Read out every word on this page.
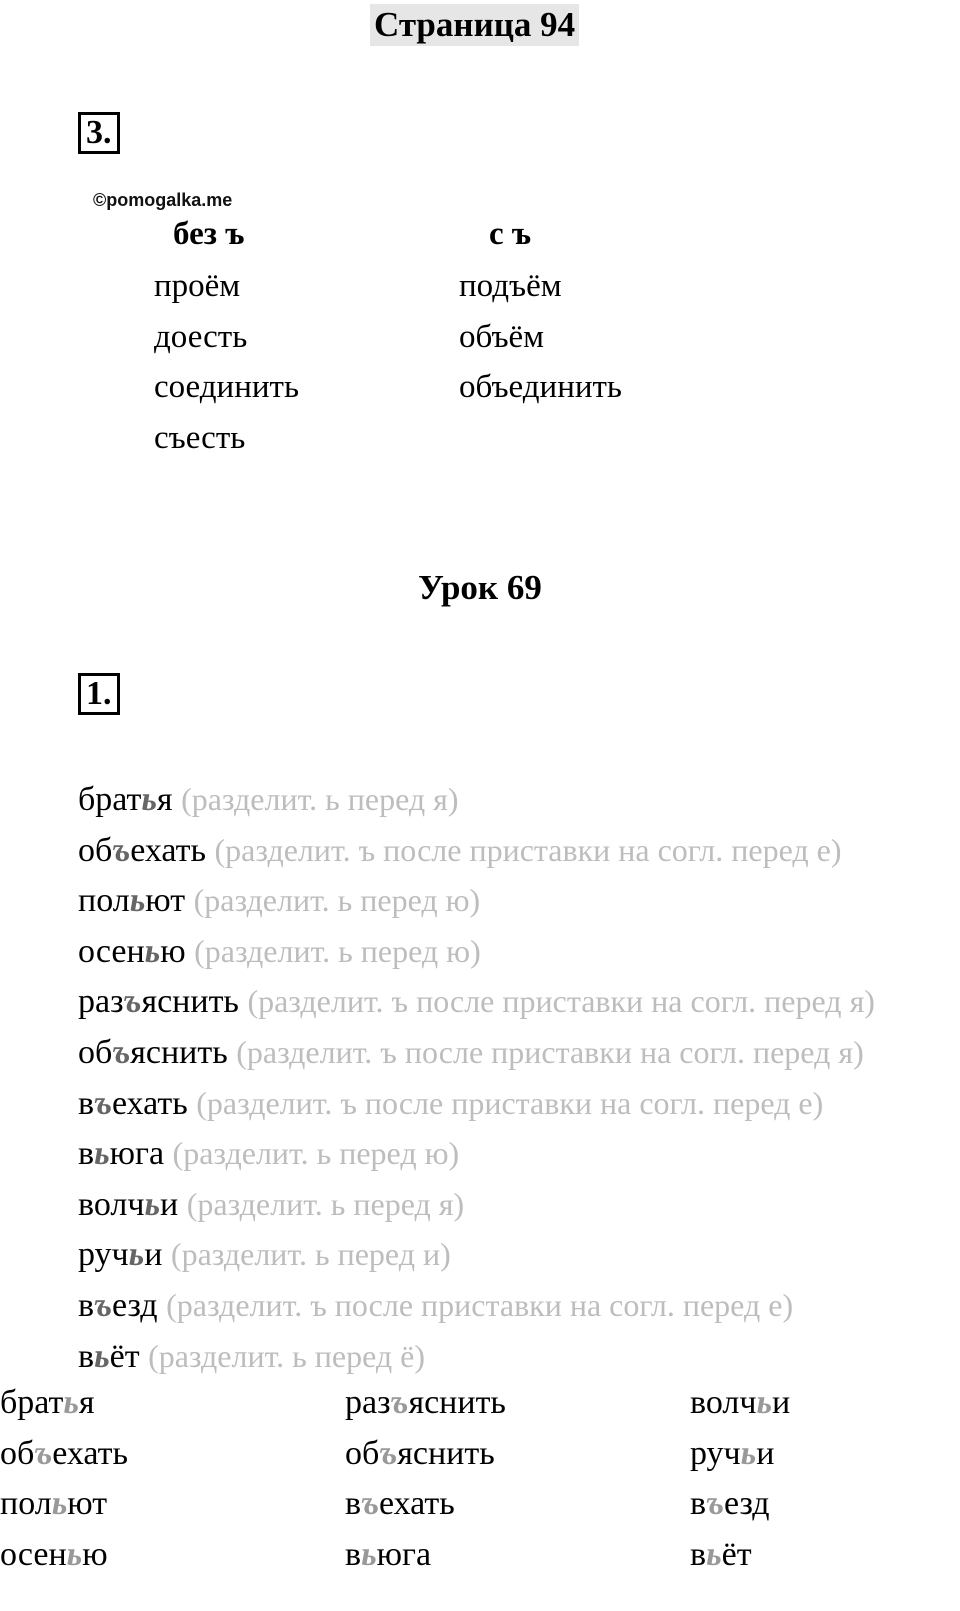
Страница 94
3.
©pomogalka.me
без ъ	с ъ
проём
доесть
соединить
съесть
подъём
объём
объединить
Урок 69
1.
братья (разделит. ь перед я)
объехать (разделит. ъ после приставки на согл. перед е)
польют (разделит. ь перед ю)
осенью (разделит. ь перед ю)
разъяснить (разделит. ъ после приставки на согл. перед я)
объяснить (разделит. ъ после приставки на согл. перед я)
въехать (разделит. ъ после приставки на согл. перед е)
вьюга (разделит. ь перед ю)
волчьи (разделит. ь перед я)
ручьи (разделит. ь перед и)
въезд (разделит. ъ после приставки на согл. перед е)
вьёт (разделит. ь перед ё)
братья
объехать
польют
осенью
разъяснить
объяснить
въехать
вьюга
волчьи
ручьи
въезд
вьёт
